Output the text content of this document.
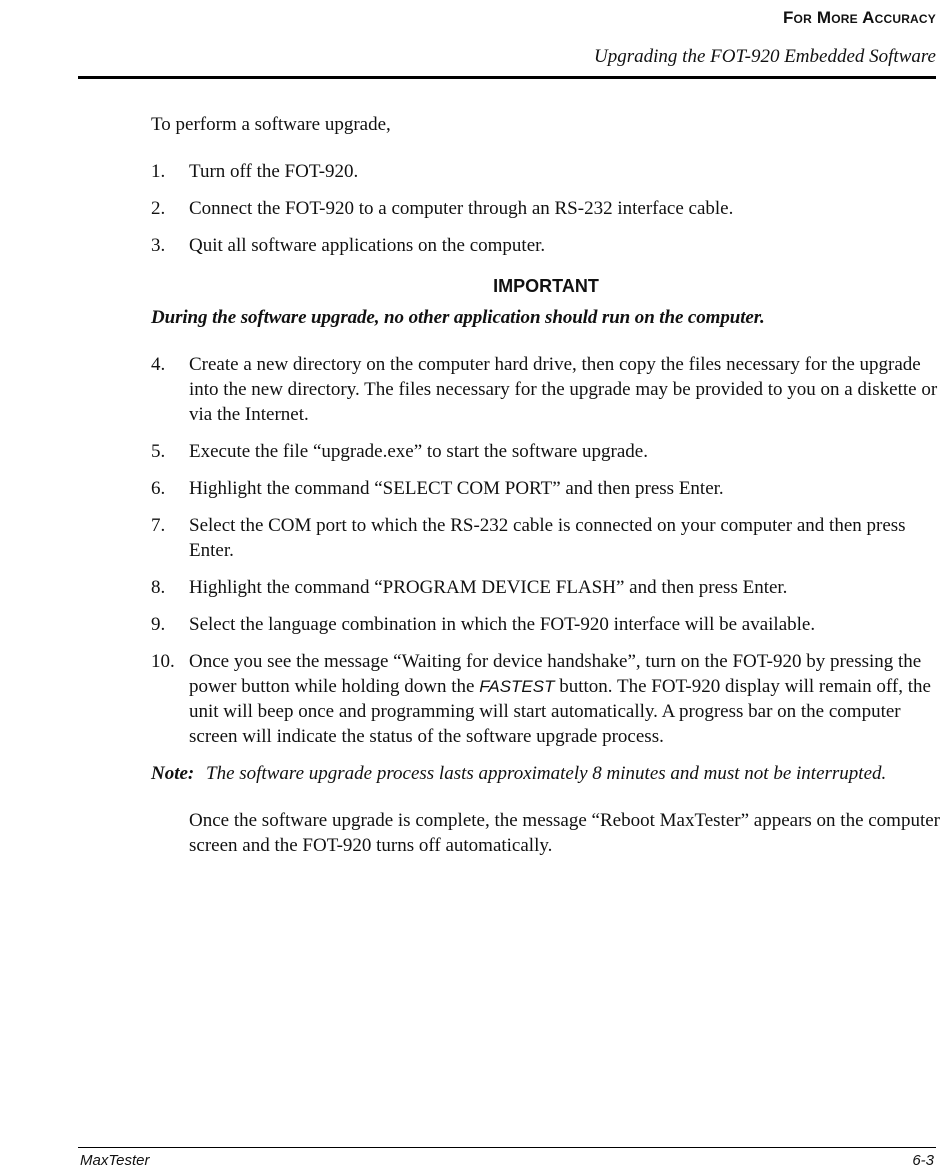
For More Accuracy
Upgrading the FOT-920 Embedded Software

To perform a software upgrade,

1. Turn off the FOT-920.
2. Connect the FOT-920 to a computer through an RS-232 interface cable.
3. Quit all software applications on the computer.
IMPORTANT

During the software upgrade, no other application should run on the computer.

4. Create a new directory on the computer hard drive, then copy the files necessary for the upgrade into the new directory. The files necessary for the upgrade may be provided to you on a diskette or via the Internet.
5. Execute the file “upgrade.exe” to start the software upgrade.
6. Highlight the command “SELECT COM PORT” and then press Enter.
7. Select the COM port to which the RS-232 cable is connected on your computer and then press Enter.
8. Highlight the command “PROGRAM DEVICE FLASH” and then press Enter.
9. Select the language combination in which the FOT-920 interface will be available.
10. Once you see the message “Waiting for device handshake”, turn on the FOT-920 by pressing the power button while holding down the FASTEST button. The FOT-920 display will remain off, the unit will beep once and programming will start automatically. A progress bar on the computer screen will indicate the status of the software upgrade process.
Note: The software upgrade process lasts approximately 8 minutes and must not be interrupted.

Once the software upgrade is complete, the message “Reboot MaxTester” appears on the computer screen and the FOT-920 turns off automatically.

MaxTester	6-3
